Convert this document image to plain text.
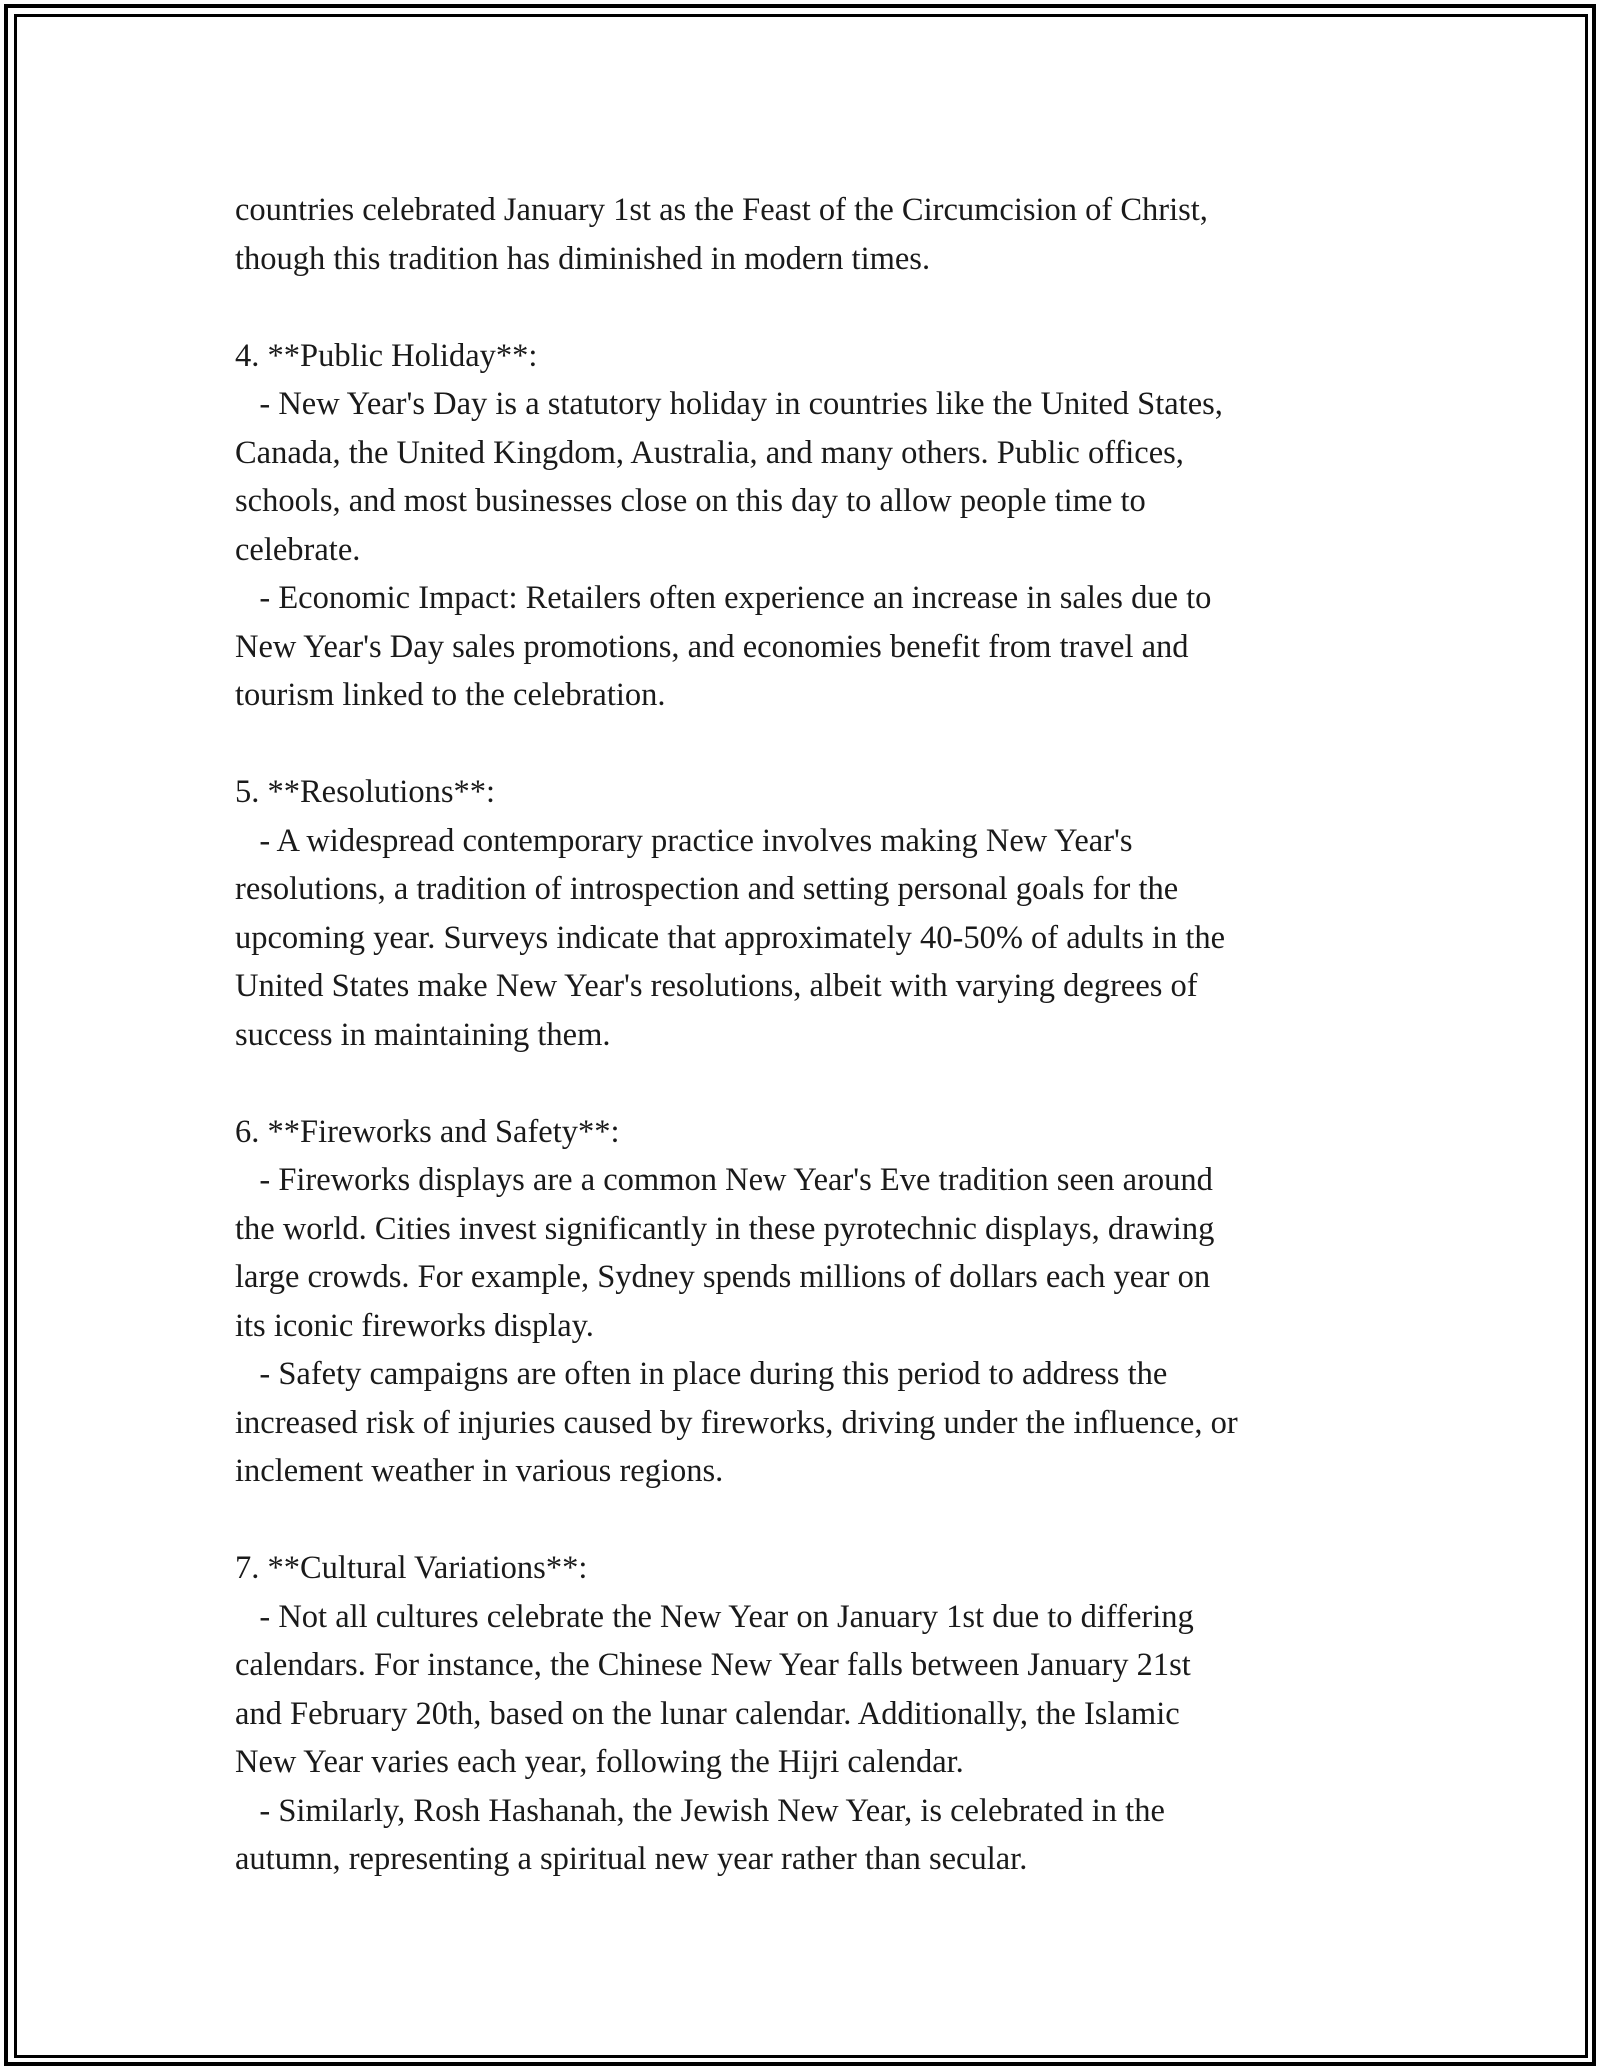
countries celebrated January 1st as the Feast of the Circumcision of Christ,
though this tradition has diminished in modern times.
4. **Public Holiday**:
- New Year's Day is a statutory holiday in countries like the United States,
Canada, the United Kingdom, Australia, and many others. Public offices,
schools, and most businesses close on this day to allow people time to
celebrate.
- Economic Impact: Retailers often experience an increase in sales due to
New Year's Day sales promotions, and economies benefit from travel and
tourism linked to the celebration.
5. **Resolutions**:
- A widespread contemporary practice involves making New Year's
resolutions, a tradition of introspection and setting personal goals for the
upcoming year. Surveys indicate that approximately 40-50% of adults in the
United States make New Year's resolutions, albeit with varying degrees of
success in maintaining them.
6. **Fireworks and Safety**:
- Fireworks displays are a common New Year's Eve tradition seen around
the world. Cities invest significantly in these pyrotechnic displays, drawing
large crowds. For example, Sydney spends millions of dollars each year on
its iconic fireworks display.
- Safety campaigns are often in place during this period to address the
increased risk of injuries caused by fireworks, driving under the influence, or
inclement weather in various regions.
7. **Cultural Variations**:
- Not all cultures celebrate the New Year on January 1st due to differing
calendars. For instance, the Chinese New Year falls between January 21st
and February 20th, based on the lunar calendar. Additionally, the Islamic
New Year varies each year, following the Hijri calendar.
- Similarly, Rosh Hashanah, the Jewish New Year, is celebrated in the
autumn, representing a spiritual new year rather than secular.
